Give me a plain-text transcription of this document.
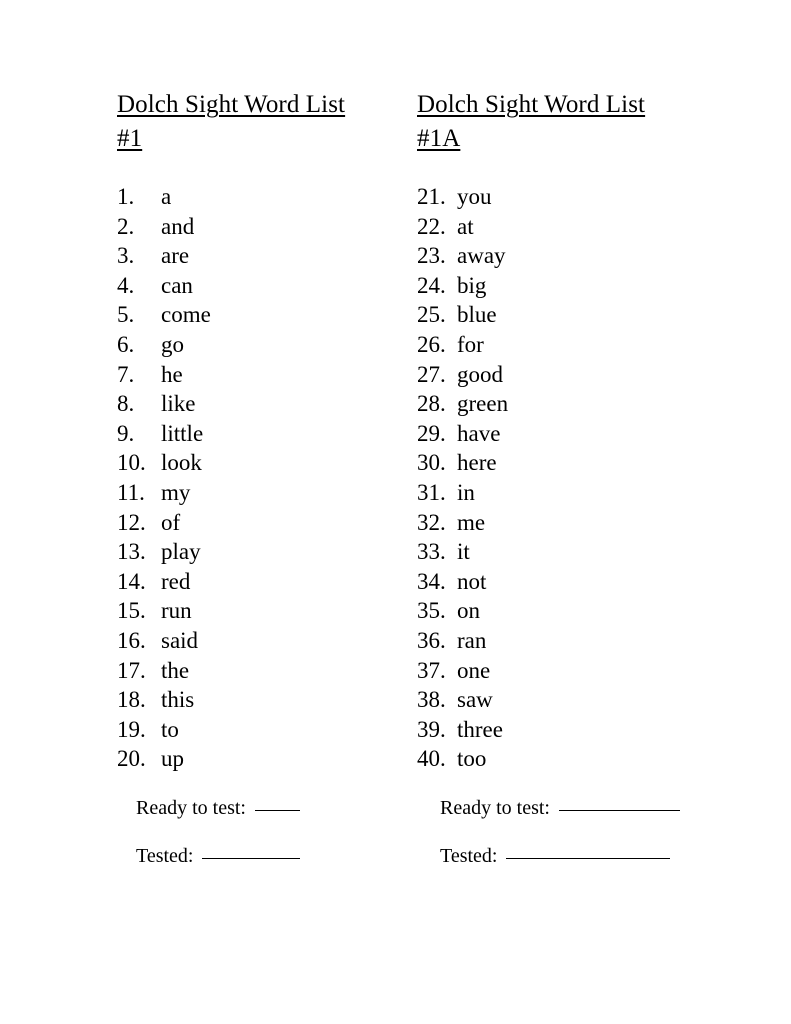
Dolch Sight Word List
#1
1.	a
2.	and
3.	are
4.	can
5.	come
6.	go
7.	he
8.	like
9.	little
10. look
11. my
12. of
13. play
14. red
15. run
16. said
17. the
18. this
19. to
20. up
Ready to test:
Tested:
Dolch Sight Word List
#1A
21. you
22. at
23. away
24. big
25. blue
26. for
27. good
28. green
29. have
30. here
31. in
32. me
33. it
34. not
35. on
36. ran
37. one
38. saw
39. three
40. too
Ready to test:
Tested:
